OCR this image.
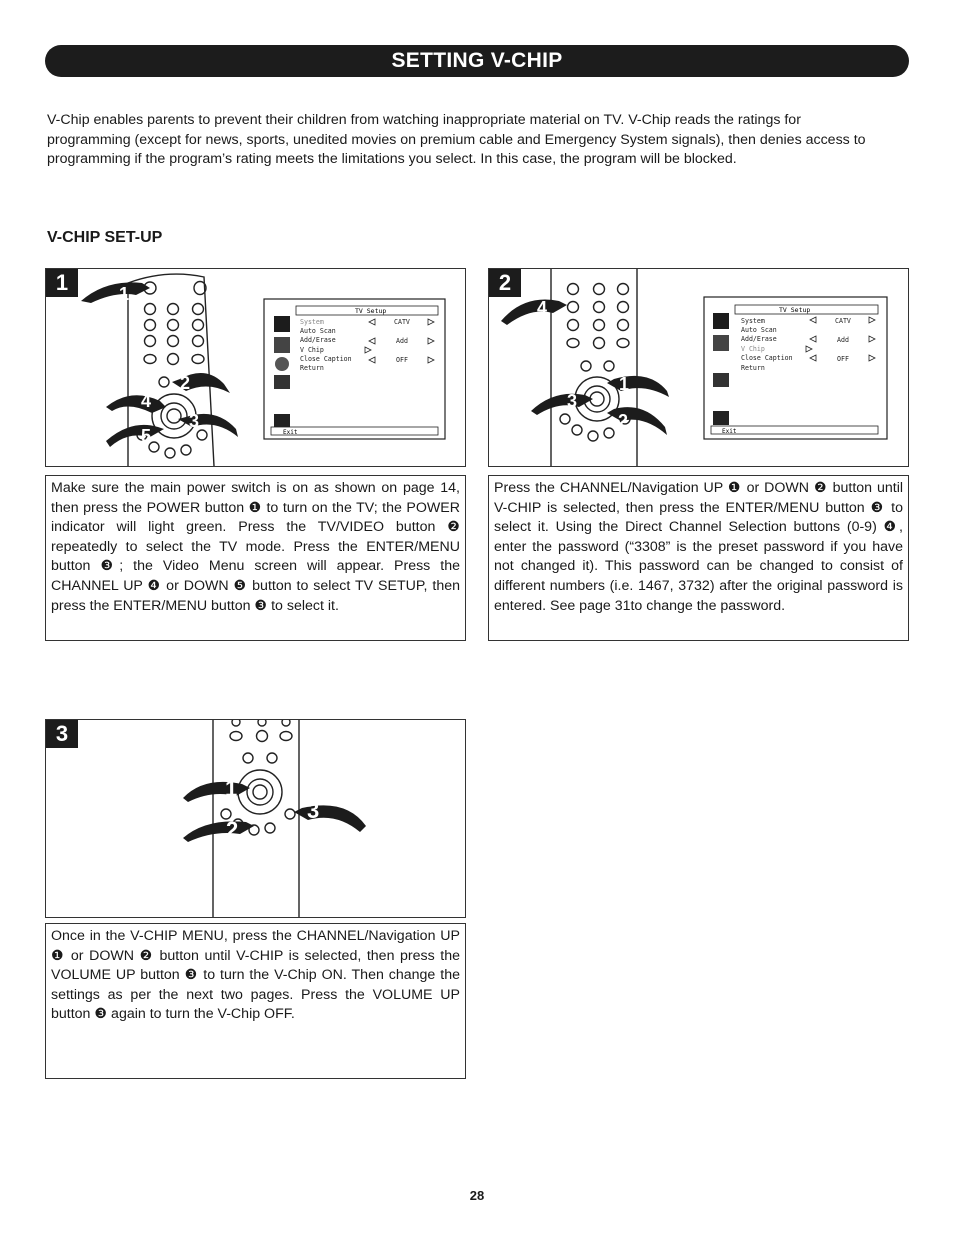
SETTING V-CHIP
V-Chip enables parents to prevent their children from watching inappropriate material on TV. V-Chip reads the ratings for programming (except for news, sports, unedited movies on premium cable and Emergency System signals), then denies access to programming if the program’s rating meets the limitations you select. In this case, the program will be blocked.
V-CHIP SET-UP
1
2
4
3
5
TV Setup
System
Auto Scan
Add/Erase
V Chip
Close Caption
Return
CATV
Add
OFF
Exit
1
Make sure the main power switch is on as shown on page 14, then press the POWER button ❶ to turn on the TV; the POWER indicator will light green. Press the TV/VIDEO button ❷ repeatedly to select the TV mode. Press the ENTER/MENU button ❸; the Video Menu screen will appear. Press the CHANNEL UP ❹ or DOWN ❺ button to select TV SETUP, then press the ENTER/MENU button ❸ to select it.
4
1
3
2
TV Setup
System
Auto Scan
Add/Erase
V Chip
Close Caption
Return
CATV
Add
OFF
Exit
2
Press the CHANNEL/Navigation UP ❶ or DOWN ❷ button until V-CHIP is selected, then press the ENTER/MENU button ❸ to select it. Using the Direct Channel Selection buttons (0-9) ❹, enter the password (“3308” is the preset password if you have not changed it). This password can be changed to consist of different numbers (i.e. 1467, 3732) after the original password is entered. See page 31to change the password.
1
3
2
3
Once in the V-CHIP MENU, press the CHANNEL/Navigation UP ❶ or DOWN ❷ button until V-CHIP is selected, then press the VOLUME UP button ❸ to turn the V-Chip ON. Then change the settings as per the next two pages. Press the VOLUME UP button ❸ again to turn the V-Chip OFF.
28
